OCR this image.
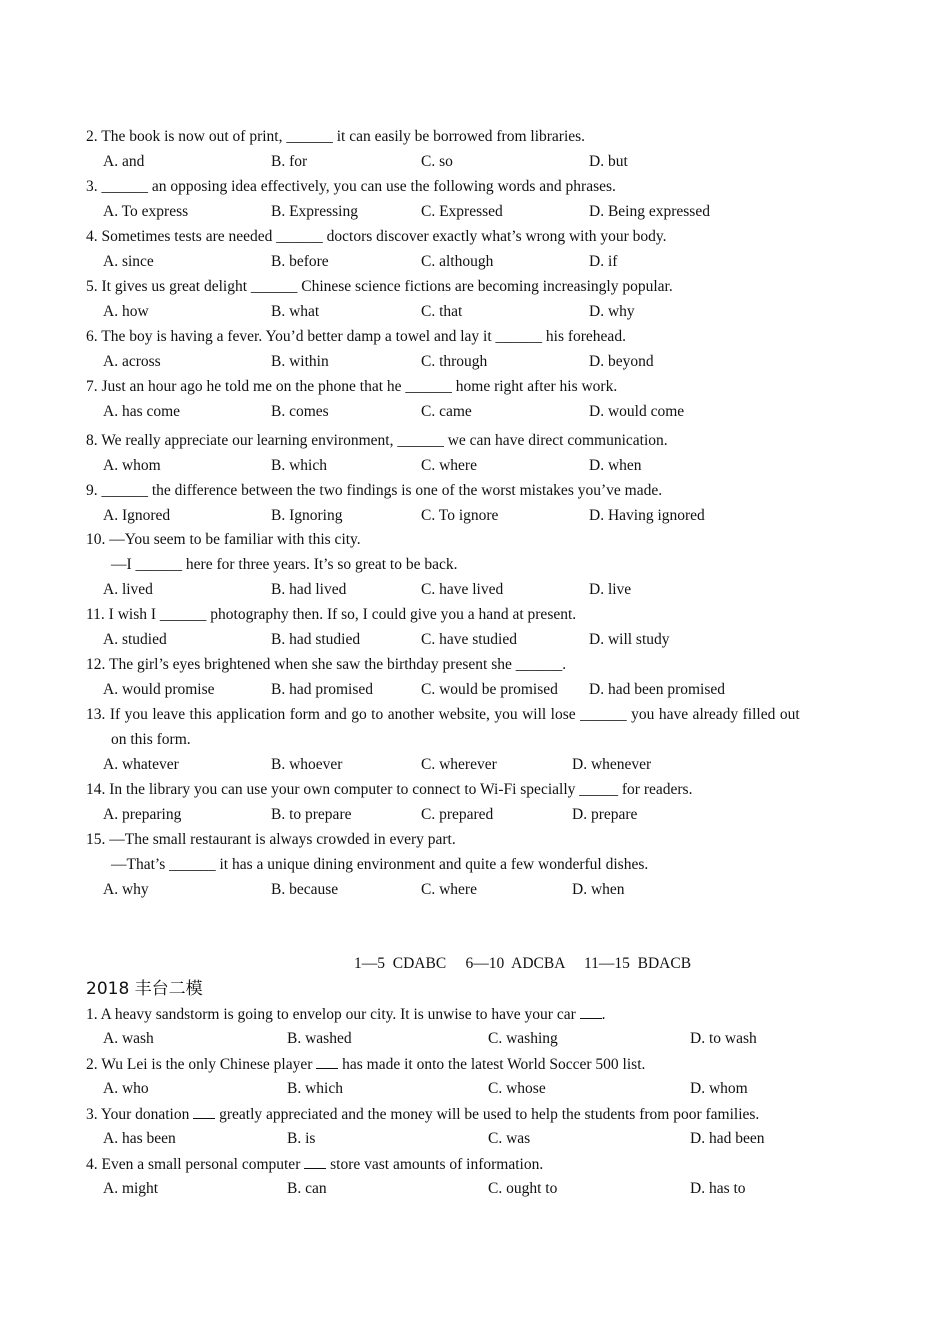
2. The book is now out of print, ______ it can easily be borrowed from libraries.
A. and	B. for	C. so	D. but
3. ______ an opposing idea effectively, you can use the following words and phrases.
A. To express	B. Expressing	C. Expressed	D. Being expressed
4. Sometimes tests are needed ______ doctors discover exactly what’s wrong with your body.
A. since	B. before	C. although	D. if
5. It gives us great delight ______ Chinese science fictions are becoming increasingly popular.
A. how	B. what	C. that	D. why
6. The boy is having a fever. You’d better damp a towel and lay it ______ his forehead.
A. across	B. within	C. through	D. beyond
7. Just an hour ago he told me on the phone that he ______ home right after his work.
A. has come	B. comes	C. came	D. would come
8. We really appreciate our learning environment, ______ we can have direct communication.
A. whom	B. which	C. where	D. when
9. ______ the difference between the two findings is one of the worst mistakes you’ve made.
A. Ignored	B. Ignoring	C. To ignore	D. Having ignored
10. —You seem to be familiar with this city.
—I ______ here for three years. It’s so great to be back.
A. lived	B. had lived	C. have lived	D. live
11. I wish I ______ photography then. If so, I could give you a hand at present.
A. studied	B. had studied	C. have studied	D. will study
12. The girl’s eyes brightened when she saw the birthday present she ______.
A. would promise	B. had promised	C. would be promised D. had been promised
13. If you leave this application form and go to another website, you will lose ______ you have already filled out
on this form.
A. whatever	B. whoever	C. wherever	D. whenever
14. In the library you can use your own computer to connect to Wi-Fi specially _____ for readers.
A. preparing	B. to prepare	C. prepared	D. prepare
15. —The small restaurant is always crowded in every part.
—That’s ______ it has a unique dining environment and quite a few wonderful dishes.
A. why	B. because	C. where	D. when
1—5  CDABC     6—10  ADCBA     11—15  BDACB
2018 丰台二模
1. A heavy sandstorm is going to envelop our city. It is unwise to have your car .
A. wash	B. washed	C. washing	D. to wash
2. Wu Lei is the only Chinese player  has made it onto the latest World Soccer 500 list.
A. who	B. which	C. whose	D. whom
3. Your donation  greatly appreciated and the money will be used to help the students from poor families.
A. has been	B. is	C. was	D. had been
4. Even a small personal computer  store vast amounts of information.
A. might	B. can	C. ought to	D. has to
